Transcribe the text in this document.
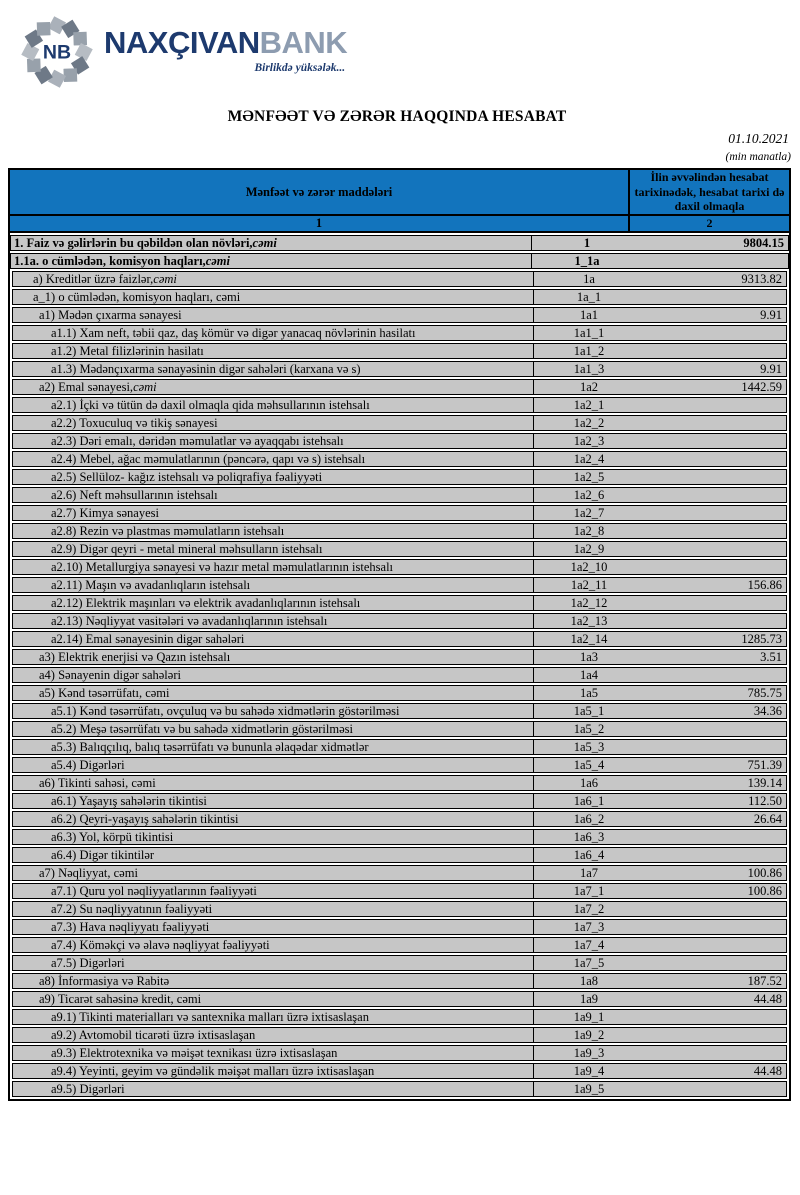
NB NAXÇIVANBANK
Birlikdə yüksələk...
MƏNFƏƏT VƏ ZƏRƏR HAQQINDA HESABAT
01.10.2021
(min manatla)
Mənfəət və zərər maddələri
İlin əvvəlindən hesabat tarixinədək, hesabat tarixi də daxil olmaqla
1	2
1. Faiz və gəlirlərin bu qəbildən olan növləri, cəmi	1	9804.15
1.1a. o cümlədən, komisyon haqları, cəmi	1_1a
a) Kreditlər üzrə faizlər, cəmi	1a	9313.82
a_1) o cümlədən, komisyon haqları, cəmi	1a_1
a1) Mədən çıxarma sənayesi	1a1	9.91
a1.1) Xam neft, təbii qaz, daş kömür və digər yanacaq növlərinin hasilatı	1a1_1
a1.2) Metal filizlərinin hasilatı	1a1_2
a1.3) Mədənçıxarma sənayəsinin digər sahələri (karxana və s)	1a1_3	9.91
a2) Emal sənayesi, cəmi	1a2	1442.59
a2.1) İçki və tütün də daxil olmaqla qida məhsullarının istehsalı	1a2_1
a2.2) Toxuculuq və tikiş sənayesi	1a2_2
a2.3) Dəri emalı, dəridən məmulatlar və ayaqqabı istehsalı	1a2_3
a2.4) Mebel, ağac məmulatlarının (pəncərə, qapı və s) istehsalı	1a2_4
a2.5) Sellüloz- kağız istehsalı və poliqrafiya fəaliyyəti	1a2_5
a2.6) Neft məhsullarının istehsalı	1a2_6
a2.7) Kimya sənayesi	1a2_7
a2.8) Rezin və plastmas məmulatların istehsalı	1a2_8
a2.9) Digər qeyri - metal mineral məhsulların istehsalı	1a2_9
a2.10) Metallurgiya sənayesi və hazır metal məmulatlarının istehsalı	1a2_10
a2.11) Maşın və avadanlıqların istehsalı	1a2_11	156.86
a2.12) Elektrik maşınları və elektrik avadanlıqlarının istehsalı	1a2_12
a2.13) Nəqliyyat vasitələri və avadanlıqlarının istehsalı	1a2_13
a2.14) Emal sənayesinin digər sahələri	1a2_14	1285.73
a3) Elektrik enerjisi və Qazın istehsalı	1a3	3.51
a4) Sənayenin digər sahələri	1a4
a5) Kənd təsərrüfatı, cəmi	1a5	785.75
a5.1) Kənd təsərrüfatı, ovçuluq və bu sahədə xidmətlərin göstərilməsi	1a5_1	34.36
a5.2) Meşə təsərrüfatı və bu sahədə xidmətlərin göstərilməsi	1a5_2
a5.3) Balıqçılıq, balıq təsərrüfatı və bununla əlaqədar xidmətlər	1a5_3
a5.4) Digərləri	1a5_4	751.39
a6) Tikinti sahəsi, cəmi	1a6	139.14
a6.1) Yaşayış sahələrin tikintisi	1a6_1	112.50
a6.2) Qeyri-yaşayış sahələrin tikintisi	1a6_2	26.64
a6.3) Yol, körpü tikintisi	1a6_3
a6.4) Digər tikintilər	1a6_4
a7) Nəqliyyat, cəmi	1a7	100.86
a7.1) Quru yol nəqliyyatlarının fəaliyyəti	1a7_1	100.86
a7.2) Su nəqliyyatının fəaliyyəti	1a7_2
a7.3) Hava nəqliyyatı fəaliyyəti	1a7_3
a7.4) Köməkçi və əlavə nəqliyyat fəaliyyəti	1a7_4
a7.5) Digərləri	1a7_5
a8) İnformasiya və Rabitə	1a8	187.52
a9) Ticarət sahəsinə kredit, cəmi	1a9	44.48
a9.1) Tikinti materialları və santexnika malları üzrə ixtisaslaşan	1a9_1
a9.2) Avtomobil ticarəti üzrə ixtisaslaşan	1a9_2
a9.3) Elektrotexnika və məişət texnikası üzrə ixtisaslaşan	1a9_3
a9.4) Yeyinti, geyim və gündəlik məişət malları üzrə ixtisaslaşan	1a9_4	44.48
a9.5) Digərləri	1a9_5
